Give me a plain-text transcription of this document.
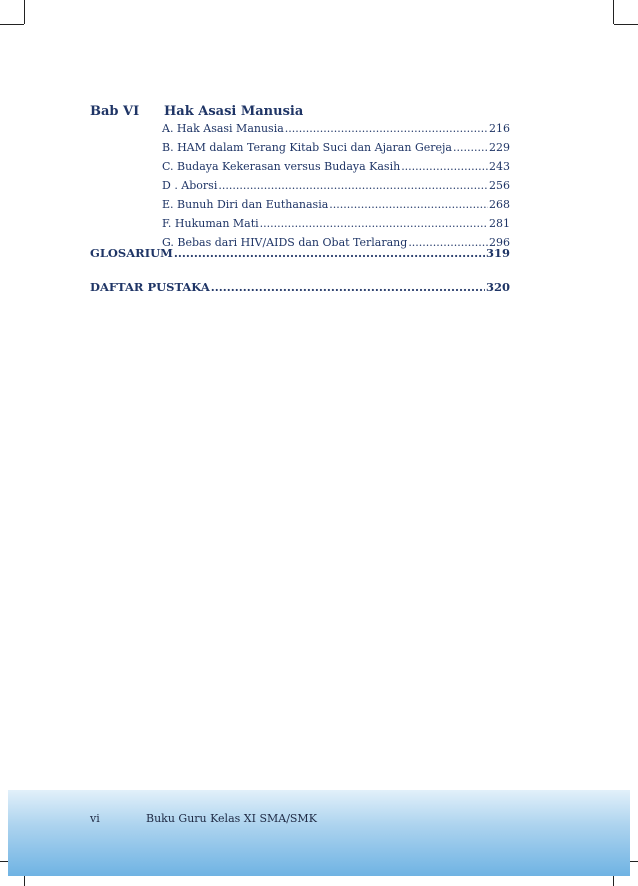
Bab VI	Hak Asasi Manusia
A. Hak Asasi Manusia .....	216
B. HAM dalam Terang Kitab Suci dan Ajaran Gereja .....	229
C. Budaya Kekerasan versus Budaya Kasih .....	243
D . Aborsi .....	256
E. Bunuh Diri dan Euthanasia .....	268
F. Hukuman Mati .....	281
G. Bebas dari HIV/AIDS dan Obat Terlarang .....	296
GLOSARIUM .....	319
DAFTAR PUSTAKA .....	320
vi	Buku Guru Kelas XI SMA/SMK
